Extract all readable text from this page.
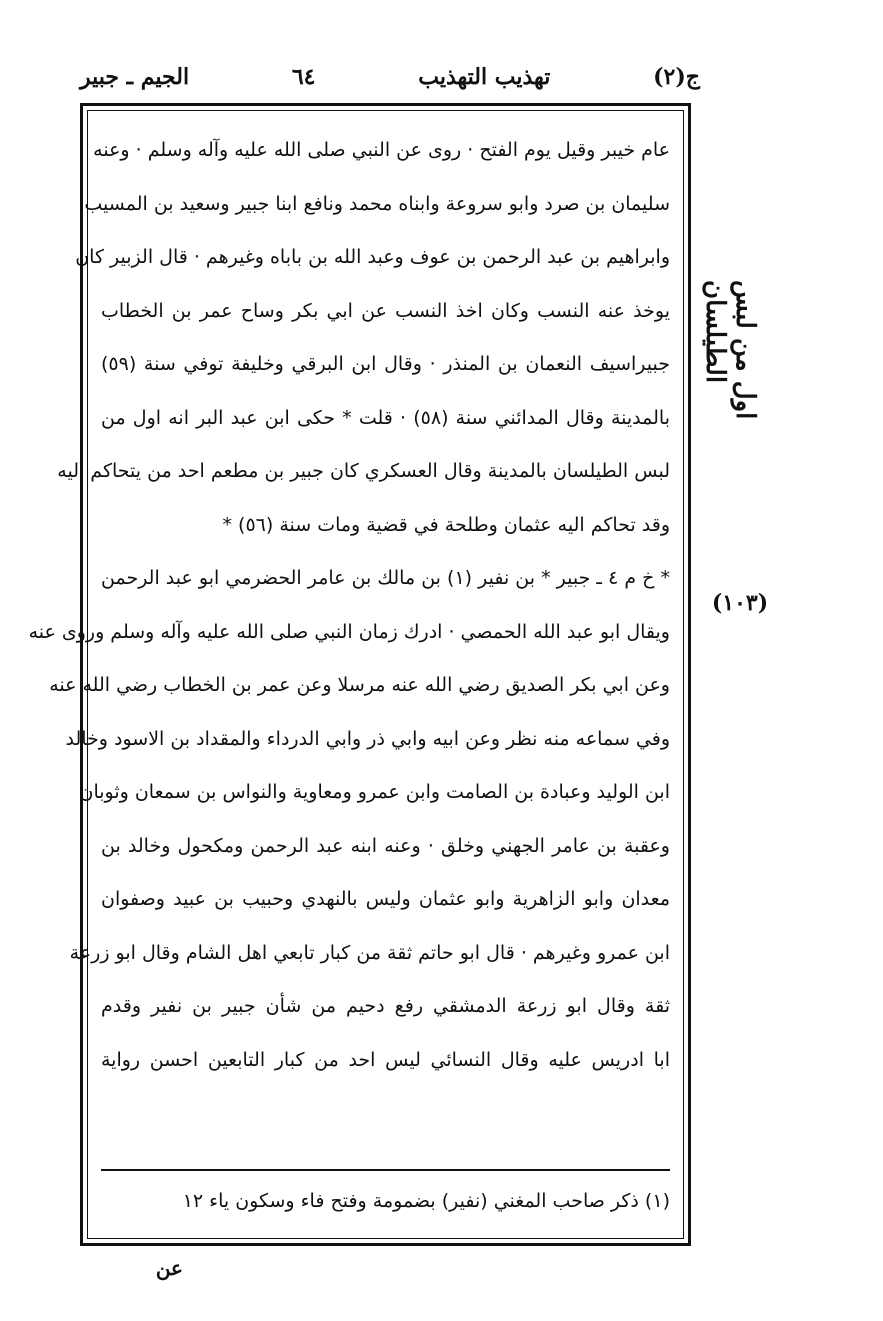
ج(٢)
تهذيب التهذيب
٦٤
الجيم ـ جبير
عام خيبر وقيل يوم الفتح · روى عن النبي صلى الله عليه وآله وسلم · وعنه
سليمان بن صرد وابو سروعة وابناه محمد ونافع ابنا جبير وسعيد بن المسيب
وابراهيم بن عبد الرحمن بن عوف وعبد الله بن باباه وغيرهم · قال الزبير كان
يوخذ عنه النسب وكان اخذ النسب عن ابي بكر وساح عمر بن الخطاب
جبيراسيف النعمان بن المنذر · وقال ابن البرقي وخليفة توفي سنة (٥٩)
بالمدينة وقال المدائني سنة (٥٨) · قلت * حكى ابن عبد البر انه اول من
لبس الطيلسان بالمدينة وقال العسكري كان جبير بن مطعم احد من يتحاكم اليه
وقد تحاكم اليه عثمان وطلحة في قضية ومات سنة (٥٦) *
* خ م ٤ ـ جبير * بن نفير (١) بن مالك بن عامر الحضرمي ابو عبد الرحمن
ويقال ابو عبد الله الحمصي · ادرك زمان النبي صلى الله عليه وآله وسلم وروى عنه
وعن ابي بكر الصديق رضي الله عنه مرسلا وعن عمر بن الخطاب رضي الله عنه
وفي سماعه منه نظر وعن ابيه وابي ذر وابي الدرداء والمقداد بن الاسود وخالد
ابن الوليد وعبادة بن الصامت وابن عمرو ومعاوية والنواس بن سمعان وثوبان
وعقبة بن عامر الجهني وخلق · وعنه ابنه عبد الرحمن ومكحول وخالد بن
معدان وابو الزاهرية وابو عثمان وليس بالنهدي وحبيب بن عبيد وصفوان
ابن عمرو وغيرهم · قال ابو حاتم ثقة من كبار تابعي اهل الشام وقال ابو زرعة
ثقة وقال ابو زرعة الدمشقي رفع دحيم من شأن جبير بن نفير وقدم
ابا ادريس عليه وقال النسائي ليس احد من كبار التابعين احسن رواية
(١) ذكر صاحب المغني (نفير) بضمومة وفتح فاء وسكون ياء ١٢
اول من لبس الطيلسان
(١٠٣)
عن
